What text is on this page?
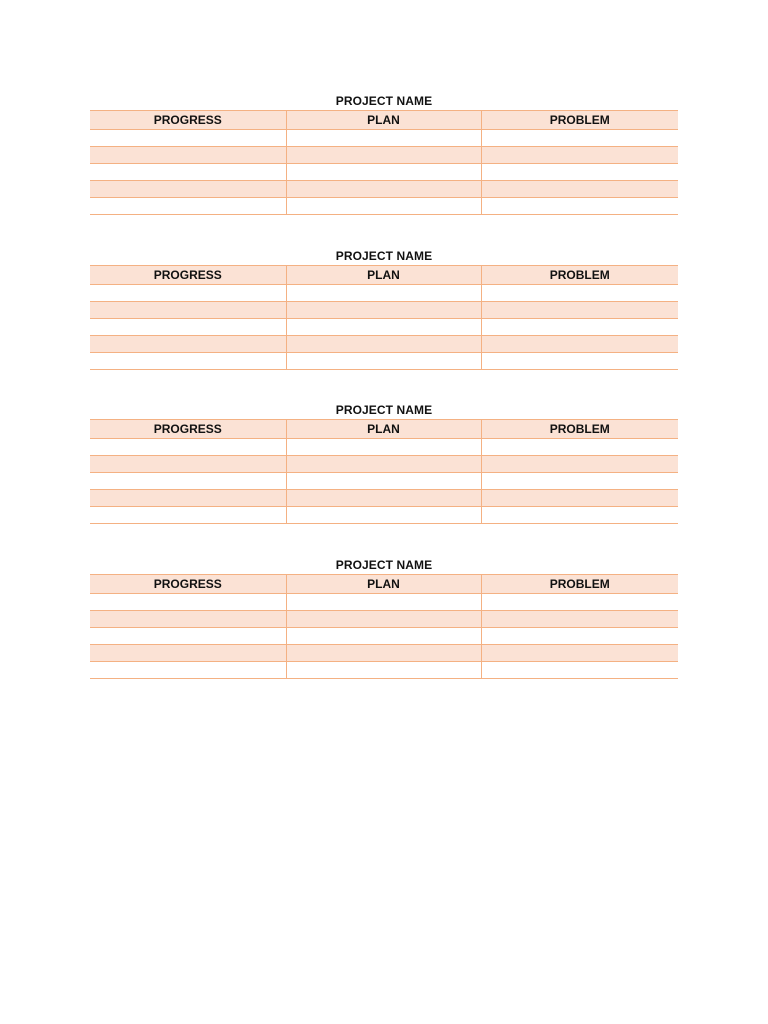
PROJECT NAME
PROGRESS	PLAN	PROBLEM

PROJECT NAME
PROGRESS	PLAN	PROBLEM

PROJECT NAME
PROGRESS	PLAN	PROBLEM

PROJECT NAME
PROGRESS	PLAN	PROBLEM
